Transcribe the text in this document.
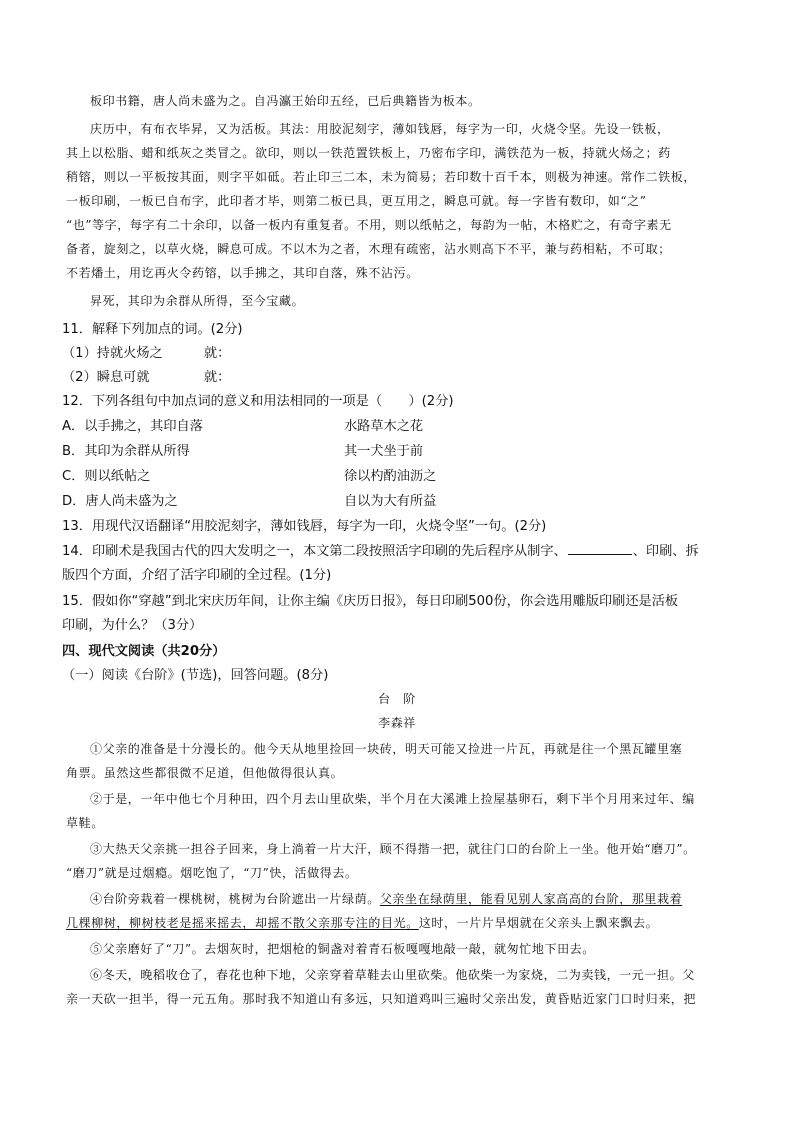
板印书籍，唐人尚未盛为之。自冯瀛王始印五经，已后典籍皆为板本。
庆历中，有布衣毕昇，又为活板。其法：用胶泥刻字，薄如钱唇，每字为一印，火烧令坚。先设一铁板，
其上以松脂、蜡和纸灰之类冒之。欲印，则以一铁范置铁板上，乃密布字印，满铁范为一板，持就火炀之；药
稍镕，则以一平板按其面，则字平如砥。若止印三二本，未为简易；若印数十百千本，则极为神速。常作二铁板，
一板印刷，一板已自布字，此印者才毕，则第二板已具，更互用之，瞬息可就。每一字皆有数印，如“之”
“也”等字，每字有二十余印，以备一板内有重复者。不用，则以纸帖之，每韵为一帖，木格贮之，有奇字素无
备者，旋刻之，以草火烧，瞬息可成。不以木为之者，木理有疏密，沾水则高下不平，兼与药相粘，不可取；
不若燔土，用讫再火令药镕，以手拂之，其印自落，殊不沾污。
昇死，其印为余群从所得，至今宝藏。
11．解释下列加点的词。(2分)
（1）持就火炀之	就：
（2）瞬息可就	就：
12．下列各组句中加点词的意义和用法相同的一项是（　　）(2分)
A．以手拂之，其印自落	水路草木之花
B．其印为余群从所得	其一犬坐于前
C．则以纸帖之	徐以杓酌油沥之
D．唐人尚未盛为之	自以为大有所益
13．用现代汉语翻译“用胶泥刻字，薄如钱唇，每字为一印，火烧令坚”一句。(2分)
14．印刷术是我国古代的四大发明之一，本文第二段按照活字印刷的先后程序从制字、	、印刷、拆
版四个方面，介绍了活字印刷的全过程。(1分)
15．假如你“穿越”到北宋庆历年间，让你主编《庆历日报》，每日印刷500份，你会选用雕版印刷还是活板
印刷，为什么？（3分）
四、现代文阅读（共20分）
（一）阅读《台阶》(节选)，回答问题。(8分)
台　阶
李森祥
①父亲的准备是十分漫长的。他今天从地里捡回一块砖，明天可能又捡进一片瓦，再就是往一个黑瓦罐里塞
角票。虽然这些都很微不足道，但他做得很认真。
②于是，一年中他七个月种田，四个月去山里砍柴，半个月在大溪滩上捡屋基卵石，剩下半个月用来过年、编
草鞋。
③大热天父亲挑一担谷子回来，身上淌着一片大汗，顾不得揩一把，就往门口的台阶上一坐。他开始“磨刀”。
“磨刀”就是过烟瘾。烟吃饱了，“刀”快，活做得去。
④台阶旁栽着一棵桃树，桃树为台阶遮出一片绿荫。父亲坐在绿荫里，能看见别人家高高的台阶，那里栽着
几棵柳树，柳树枝老是摇来摇去，却摇不散父亲那专注的目光。这时，一片片旱烟就在父亲头上飘来飘去。
⑤父亲磨好了“刀”。去烟灰时，把烟枪的铜盏对着青石板嘎嘎地敲一敲，就匆忙地下田去。
⑥冬天，晚稻收仓了，春花也种下地，父亲穿着草鞋去山里砍柴。他砍柴一为家烧，二为卖钱，一元一担。父
亲一天砍一担半，得一元五角。那时我不知道山有多远，只知道鸡叫三遍时父亲出发，黄昏贴近家门口时归来，把
